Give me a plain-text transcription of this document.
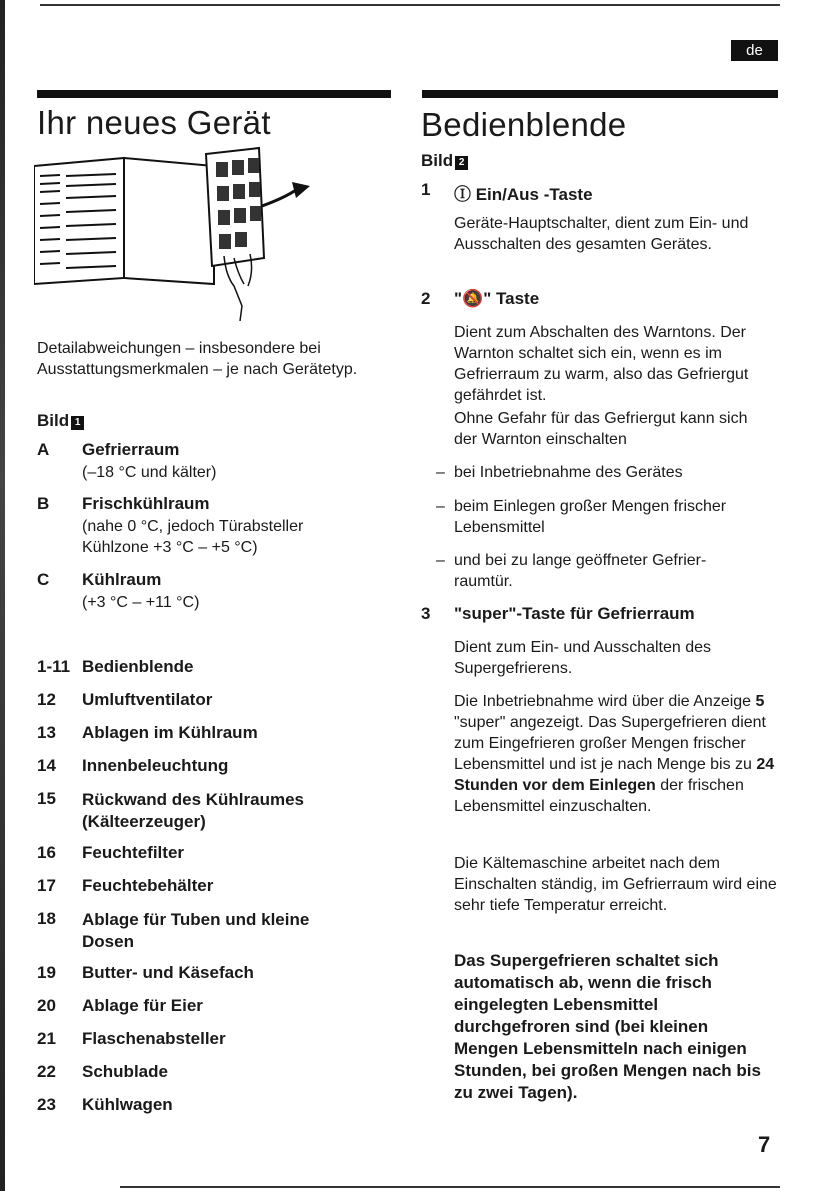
de
Ihr neues Gerät

Detailabweichungen – insbesondere bei Ausstattungsmerkmalen – je nach Gerätetyp.

Bild 1
A Gefrierraum
(–18 °C und kälter)
B Frischkühlraum
(nahe 0 °C, jedoch Türabsteller Kühlzone +3 °C – +5 °C)
C Kühlraum
(+3 °C – +11 °C)
1-11 Bedienblende
12 Umluftventilator
13 Ablagen im Kühlraum
14 Innenbeleuchtung
15 Rückwand des Kühlraumes (Kälteerzeuger)
16 Feuchtefilter
17 Feuchtebehälter
18 Ablage für Tuben und kleine Dosen
19 Butter- und Käsefach
20 Ablage für Eier
21 Flaschenabsteller
22 Schublade
23 Kühlwagen
Bedienblende
Bild 2
1 Ⓘ Ein/Aus -Taste

Geräte-Hauptschalter, dient zum Ein- und Ausschalten des gesamten Gerätes.

2 "🔕" Taste

Dient zum Abschalten des Warntons. Der Warnton schaltet sich ein, wenn es im Gefrierraum zu warm, also das Gefriergut gefährdet ist.

Ohne Gefahr für das Gefriergut kann sich der Warnton einschalten

– bei Inbetriebnahme des Gerätes
– beim Einlegen großer Mengen frischer Lebensmittel
– und bei zu lange geöffneter Gefrier- raumtür.
3 "super"-Taste für Gefrierraum

Dient zum Ein- und Ausschalten des Supergefrierens.

Die Inbetriebnahme wird über die Anzeige 5 "super" angezeigt. Das Supergefrieren dient zum Eingefrieren großer Mengen frischer Lebensmittel und ist je nach Menge bis zu 24 Stunden vor dem Einlegen der frischen Lebensmittel einzuschalten.

Die Kältemaschine arbeitet nach dem Einschalten ständig, im Gefrierraum wird eine sehr tiefe Temperatur erreicht.

Das Supergefrieren schaltet sich automatisch ab, wenn die frisch eingelegten Lebensmittel durchgefroren sind (bei kleinen Mengen Lebensmitteln nach einigen Stunden, bei großen Mengen nach bis zu zwei Tagen).

7
